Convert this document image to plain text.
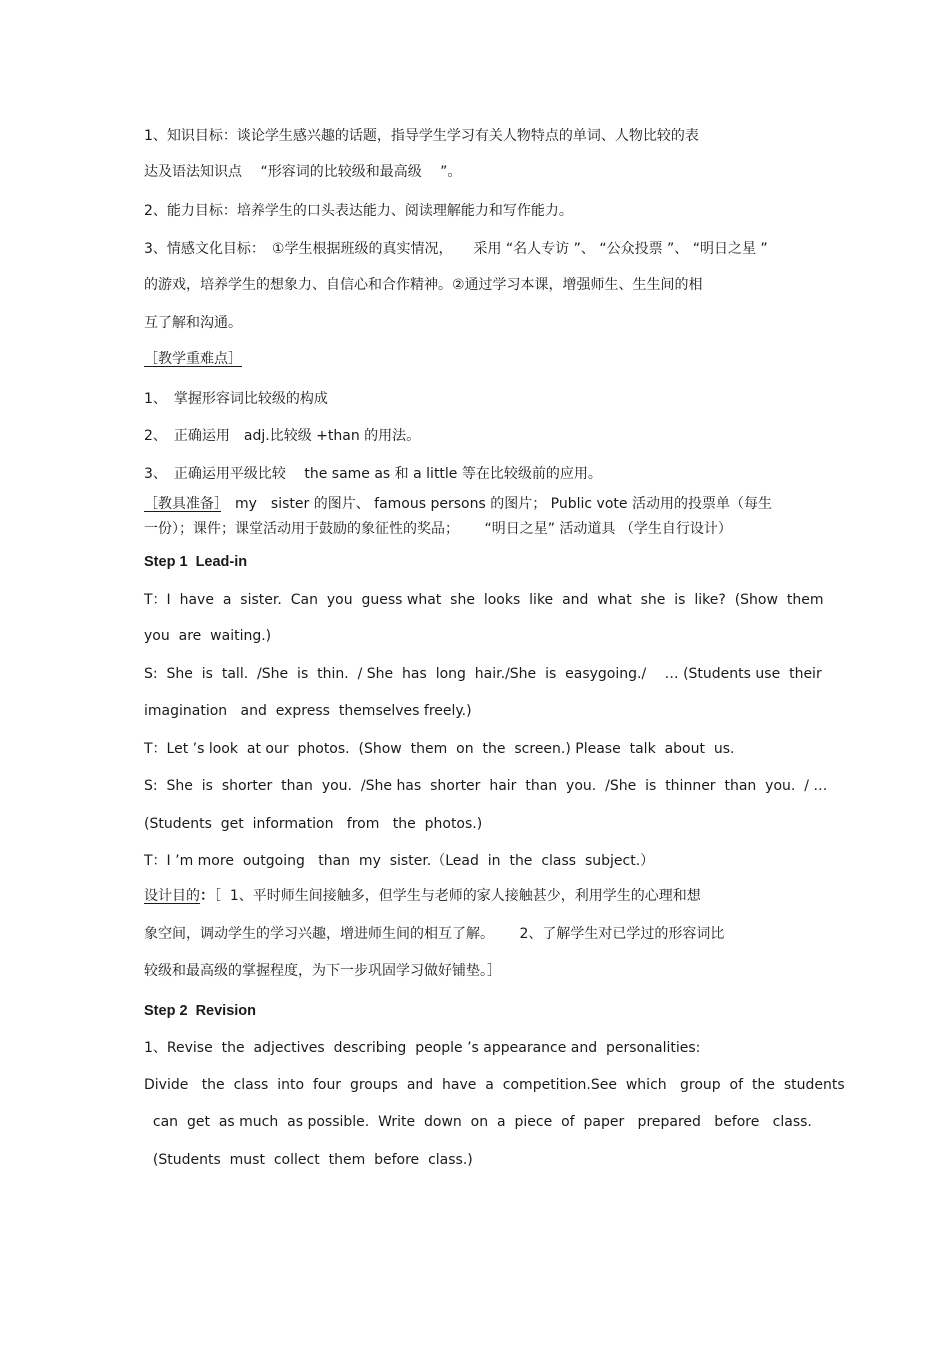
1、知识目标：谈论学生感兴趣的话题，指导学生学习有关人物特点的单词、人物比较的表
达及语法知识点　 “形容词的比较级和最高级　 ”。
2、能力目标：培养学生的口头表达能力、阅读理解能力和写作能力。
3、情感文化目标：　①学生根据班级的真实情况，　　采用 “名人专访 ”、 “公众投票 ”、 “明日之星 ”
的游戏，培养学生的想象力、自信心和合作精神。②通过学习本课，增强师生、生生间的相
互了解和沟通。
［教学重难点］
1、　掌握形容词比较级的构成
2、　正确运用　adj.比较级 +than 的用法。
3、　正确运用平级比较　 the same as 和 a little 等在比较级前的应用。
［教具准备］　my　sister 的图片、 famous persons 的图片； Public vote 活动用的投票单（每生
一份）；课件；课堂活动用于鼓励的象征性的奖品；　　 “明日之星” 活动道具 （学生自行设计）
Step 1  Lead-in
T：I  have  a  sister.  Can  you  guess what  she  looks  like  and  what  she  is  like?  (Show  them
you  are  waiting.)
S:  She  is  tall.  /She  is  thin.  / She  has  long  hair./She  is  easygoing./　 … (Students use  their
imagination   and  express  themselves freely.)
T：Let ’s look  at our  photos.  (Show  them  on  the  screen.) Please  talk  about  us.
S:  She  is  shorter  than  you.  /She has  shorter  hair  than  you.  /She  is  thinner  than  you.  / …
(Students  get  information   from   the  photos.)
T：I ’m more  outgoing   than  my  sister.（Lead  in  the  class  subject.）
设计目的：［  1、平时师生间接触多，但学生与老师的家人接触甚少，利用学生的心理和想
象空间，调动学生的学习兴趣，增进师生间的相互了解。　　 2、了解学生对已学过的形容词比
较级和最高级的掌握程度，为下一步巩固学习做好铺垫。］
Step 2  Revision
1、Revise  the  adjectives  describing  people ’s appearance and  personalities:
Divide   the  class  into  four  groups  and  have  a  competition.See  which   group  of  the  students
can  get  as much  as possible.  Write  down  on  a  piece  of  paper   prepared   before   class.
(Students  must  collect  them  before  class.)
